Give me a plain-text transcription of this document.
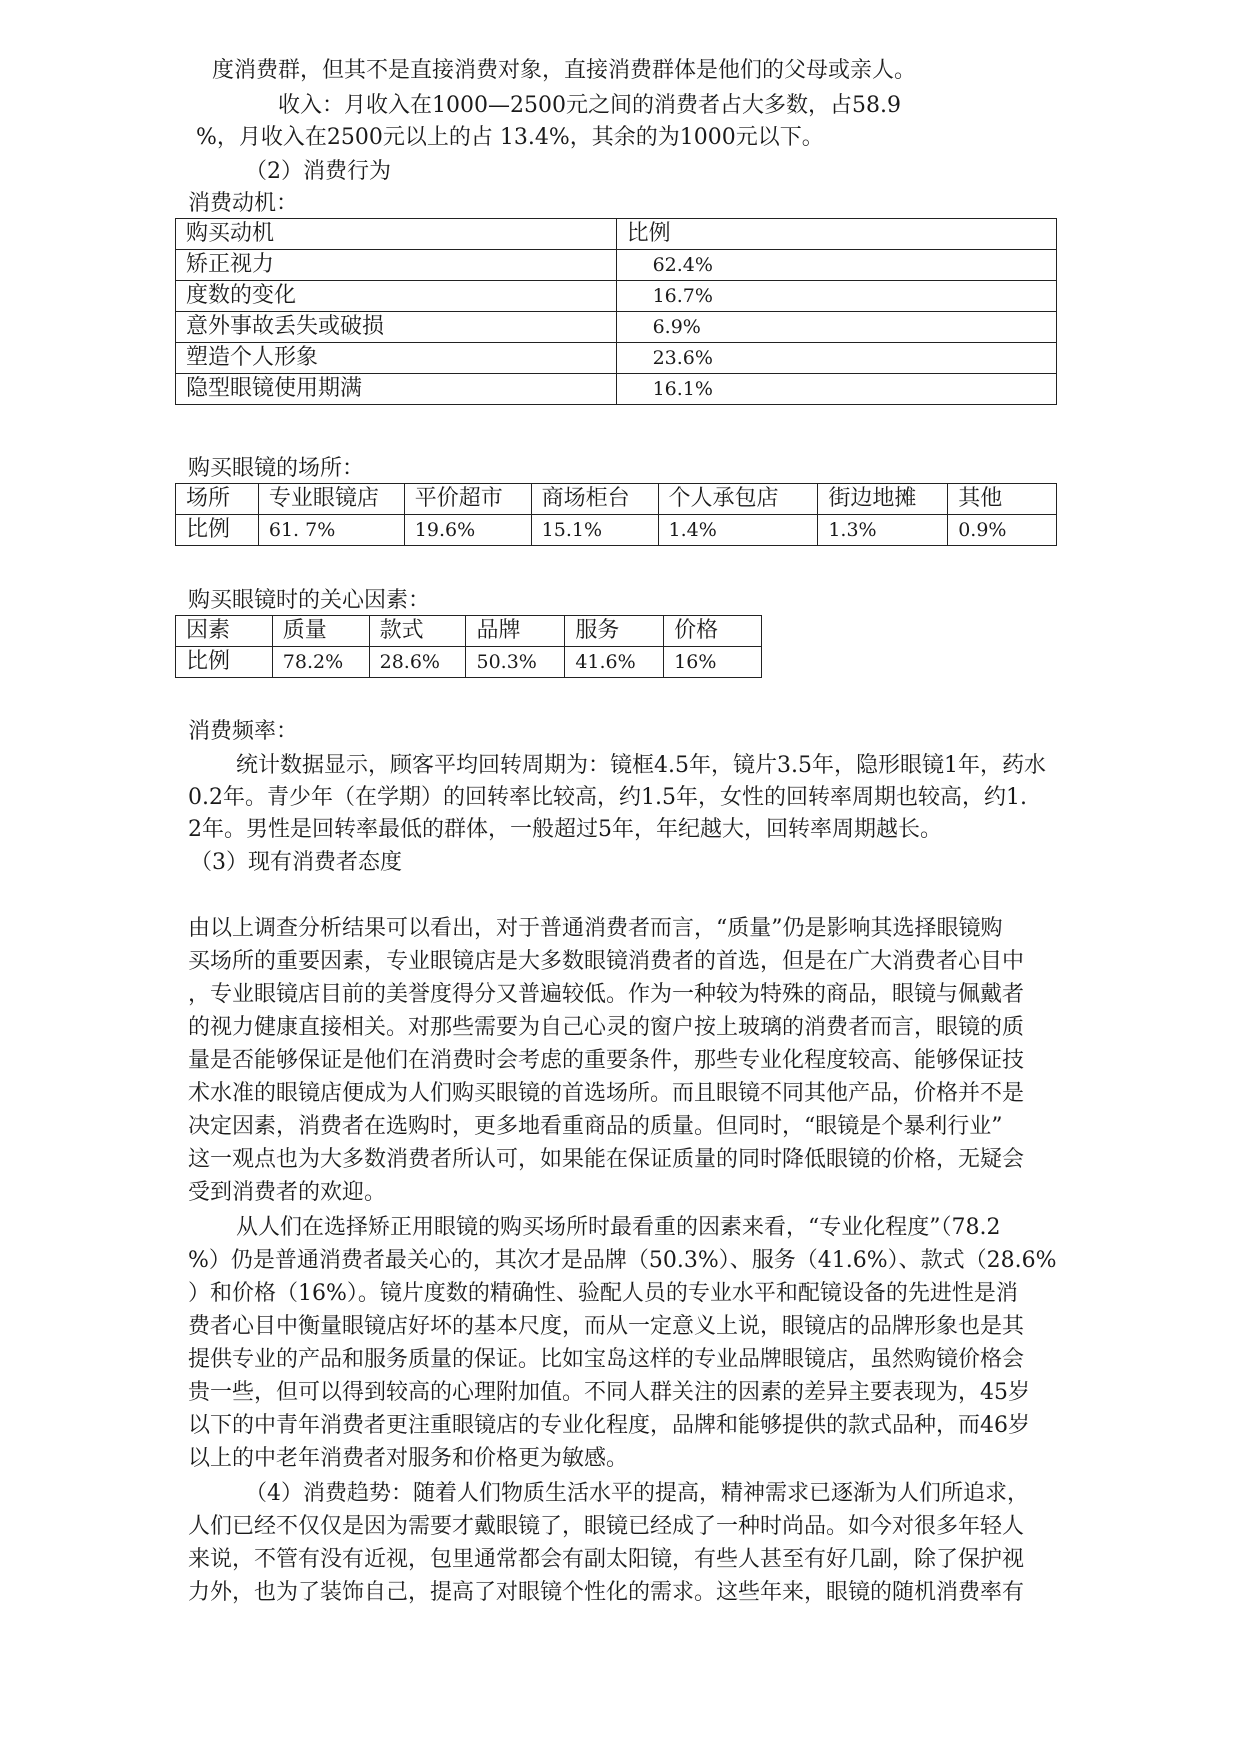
度消费群，但其不是直接消费对象，直接消费群体是他们的父母或亲人。

收入：月收入在1000—2500元之间的消费者占大多数，占58.9

%，月收入在2500元以上的占 13.4%，其余的为1000元以下。

（2）消费行为

消费动机：

购买动机	比例
矫正视力	62.4%
度数的变化	16.7%
意外事故丢失或破损	6.9%
塑造个人形象	23.6%
隐型眼镜使用期满	16.1%

购买眼镜的场所：

场所	专业眼镜店	平价超市	商场柜台	个人承包店	街边地摊	其他
比例	61. 7%	19.6%	15.1%	1.4%	1.3%	0.9%

购买眼镜时的关心因素：

因素	质量	款式	品牌	服务	价格
比例	78.2%	28.6%	50.3%	41.6%	16%

消费频率：

统计数据显示，顾客平均回转周期为：镜框4.5年，镜片3.5年，隐形眼镜1年，药水

0.2年。青少年（在学期）的回转率比较高，约1.5年，女性的回转率周期也较高，约1.

2年。男性是回转率最低的群体，一般超过5年，年纪越大，回转率周期越长。

（3）现有消费者态度

由以上调查分析结果可以看出，对于普通消费者而言，“质量”仍是影响其选择眼镜购

买场所的重要因素，专业眼镜店是大多数眼镜消费者的首选，但是在广大消费者心目中

，专业眼镜店目前的美誉度得分又普遍较低。作为一种较为特殊的商品，眼镜与佩戴者

的视力健康直接相关。对那些需要为自己心灵的窗户按上玻璃的消费者而言，眼镜的质

量是否能够保证是他们在消费时会考虑的重要条件，那些专业化程度较高、能够保证技

术水准的眼镜店便成为人们购买眼镜的首选场所。而且眼镜不同其他产品，价格并不是

决定因素，消费者在选购时，更多地看重商品的质量。但同时，“眼镜是个暴利行业”

这一观点也为大多数消费者所认可，如果能在保证质量的同时降低眼镜的价格，无疑会

受到消费者的欢迎。

从人们在选择矫正用眼镜的购买场所时最看重的因素来看，“专业化程度”（78.2

%）仍是普通消费者最关心的，其次才是品牌（50.3%）、服务（41.6%）、款式（28.6%

）和价格（16%）。镜片度数的精确性、验配人员的专业水平和配镜设备的先进性是消

费者心目中衡量眼镜店好坏的基本尺度，而从一定意义上说，眼镜店的品牌形象也是其

提供专业的产品和服务质量的保证。比如宝岛这样的专业品牌眼镜店，虽然购镜价格会

贵一些，但可以得到较高的心理附加值。不同人群关注的因素的差异主要表现为，45岁

以下的中青年消费者更注重眼镜店的专业化程度，品牌和能够提供的款式品种，而46岁

以上的中老年消费者对服务和价格更为敏感。

（4）消费趋势：随着人们物质生活水平的提高，精神需求已逐渐为人们所追求，

人们已经不仅仅是因为需要才戴眼镜了，眼镜已经成了一种时尚品。如今对很多年轻人

来说，不管有没有近视，包里通常都会有副太阳镜，有些人甚至有好几副，除了保护视

力外，也为了装饰自己，提高了对眼镜个性化的需求。这些年来，眼镜的随机消费率有
